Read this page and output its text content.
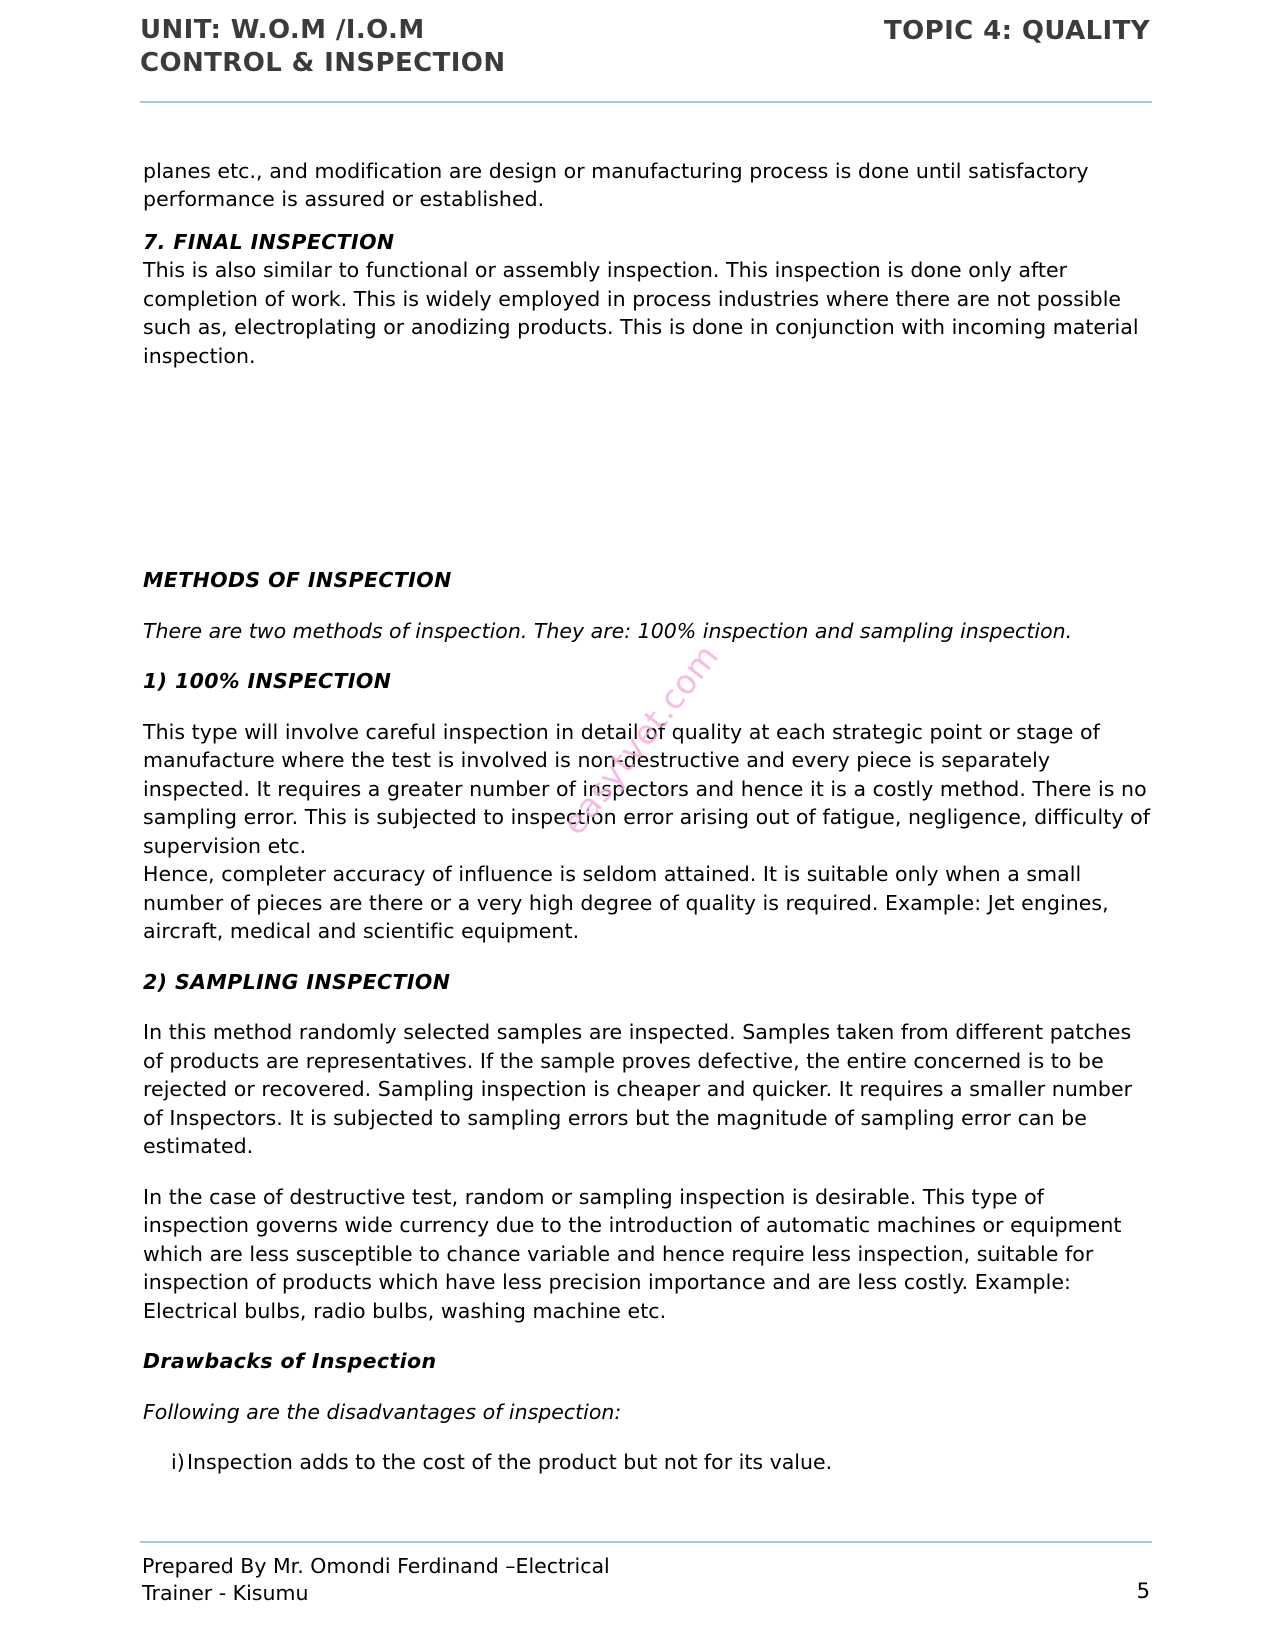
UNIT: W.O.M /I.O.M
CONTROL & INSPECTION
TOPIC 4: QUALITY
easytvet.com

planes etc., and modification are design or manufacturing process is done until satisfactory performance is assured or established.

7. FINAL INSPECTION

This is also similar to functional or assembly inspection. This inspection is done only after completion of work. This is widely employed in process industries where there are not possible such as, electroplating or anodizing products. This is done in conjunction with incoming material inspection.

METHODS OF INSPECTION

There are two methods of inspection. They are: 100% inspection and sampling inspection.

1) 100% INSPECTION

This type will involve careful inspection in detail of quality at each strategic point or stage of manufacture where the test is involved is non-destructive and every piece is separately inspected. It requires a greater number of inspectors and hence it is a costly method. There is no sampling error. This is subjected to inspection error arising out of fatigue, negligence, difficulty of supervision etc.

Hence, completer accuracy of influence is seldom attained. It is suitable only when a small number of pieces are there or a very high degree of quality is required. Example: Jet engines, aircraft, medical and scientific equipment.

2) SAMPLING INSPECTION

In this method randomly selected samples are inspected. Samples taken from different patches of products are representatives. If the sample proves defective, the entire concerned is to be rejected or recovered. Sampling inspection is cheaper and quicker. It requires a smaller number of Inspectors. It is subjected to sampling errors but the magnitude of sampling error can be estimated.

In the case of destructive test, random or sampling inspection is desirable. This type of inspection governs wide currency due to the introduction of automatic machines or equipment which are less susceptible to chance variable and hence require less inspection, suitable for inspection of products which have less precision importance and are less costly. Example: Electrical bulbs, radio bulbs, washing machine etc.

Drawbacks of Inspection

Following are the disadvantages of inspection:

i) Inspection adds to the cost of the product but not for its value.
Prepared By Mr. Omondi Ferdinand –Electrical
Trainer - Kisumu	5
